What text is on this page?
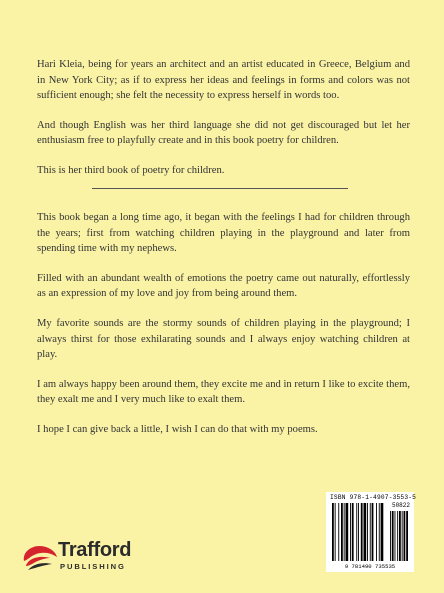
Hari Kleia, being for years an architect and an artist educated in Greece, Belgium and in New York City; as if to express her ideas and feelings in forms and colors was not sufficient enough; she felt the necessity to express herself in words too.

And though English was her third language she did not get discouraged but let her enthusiasm free to playfully create and in this book poetry for children.

This is her third book of poetry for children.

This book began a long time ago, it began with the feelings I had for children through the years; first from watching children playing in the playground and later from spending time with my nephews.

Filled with an abundant wealth of emotions the poetry came out naturally, effortlessly as an expression of my love and joy from being around them.

My favorite sounds are the stormy sounds of children playing in the playground; I always thirst for those exhilarating sounds and I always enjoy watching children at play.

I am always happy been around them, they excite me and in return I like to excite them, they exalt me and I very much like to exalt them.

I hope I can give back a little, I wish I can do that with my poems.

Trafford
PUBLISHING
ISBN 978-1-4907-3553-5
50822
9 781490 735535
